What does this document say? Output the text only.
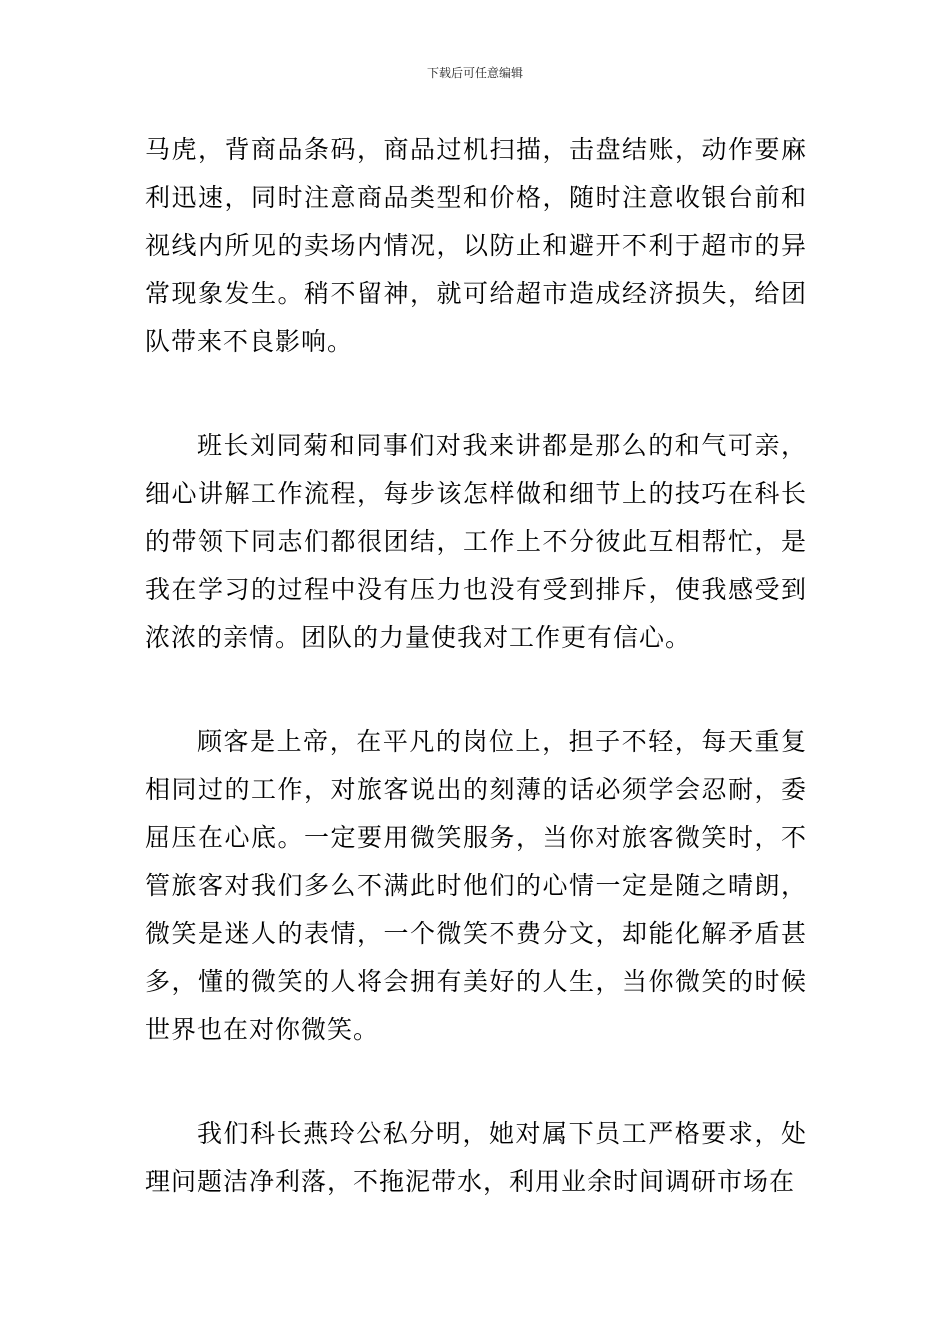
下载后可任意编辑

马虎，背商品条码，商品过机扫描，击盘结账，动作要麻利迅速，同时注意商品类型和价格，随时注意收银台前和视线内所见的卖场内情况，以防止和避开不利于超市的异常现象发生。稍不留神，就可给超市造成经济损失，给团队带来不良影响。

班长刘同菊和同事们对我来讲都是那么的和气可亲，细心讲解工作流程，每步该怎样做和细节上的技巧在科长的带领下同志们都很团结，工作上不分彼此互相帮忙，是我在学习的过程中没有压力也没有受到排斥，使我感受到浓浓的亲情。团队的力量使我对工作更有信心。

顾客是上帝，在平凡的岗位上，担子不轻，每天重复相同过的工作，对旅客说出的刻薄的话必须学会忍耐，委屈压在心底。一定要用微笑服务，当你对旅客微笑时，不管旅客对我们多么不满此时他们的心情一定是随之晴朗，微笑是迷人的表情，一个微笑不费分文，却能化解矛盾甚多，懂的微笑的人将会拥有美好的人生，当你微笑的时候世界也在对你微笑。

我们科长燕玲公私分明，她对属下员工严格要求，处理问题洁净利落，不拖泥带水，利用业余时间调研市场在
